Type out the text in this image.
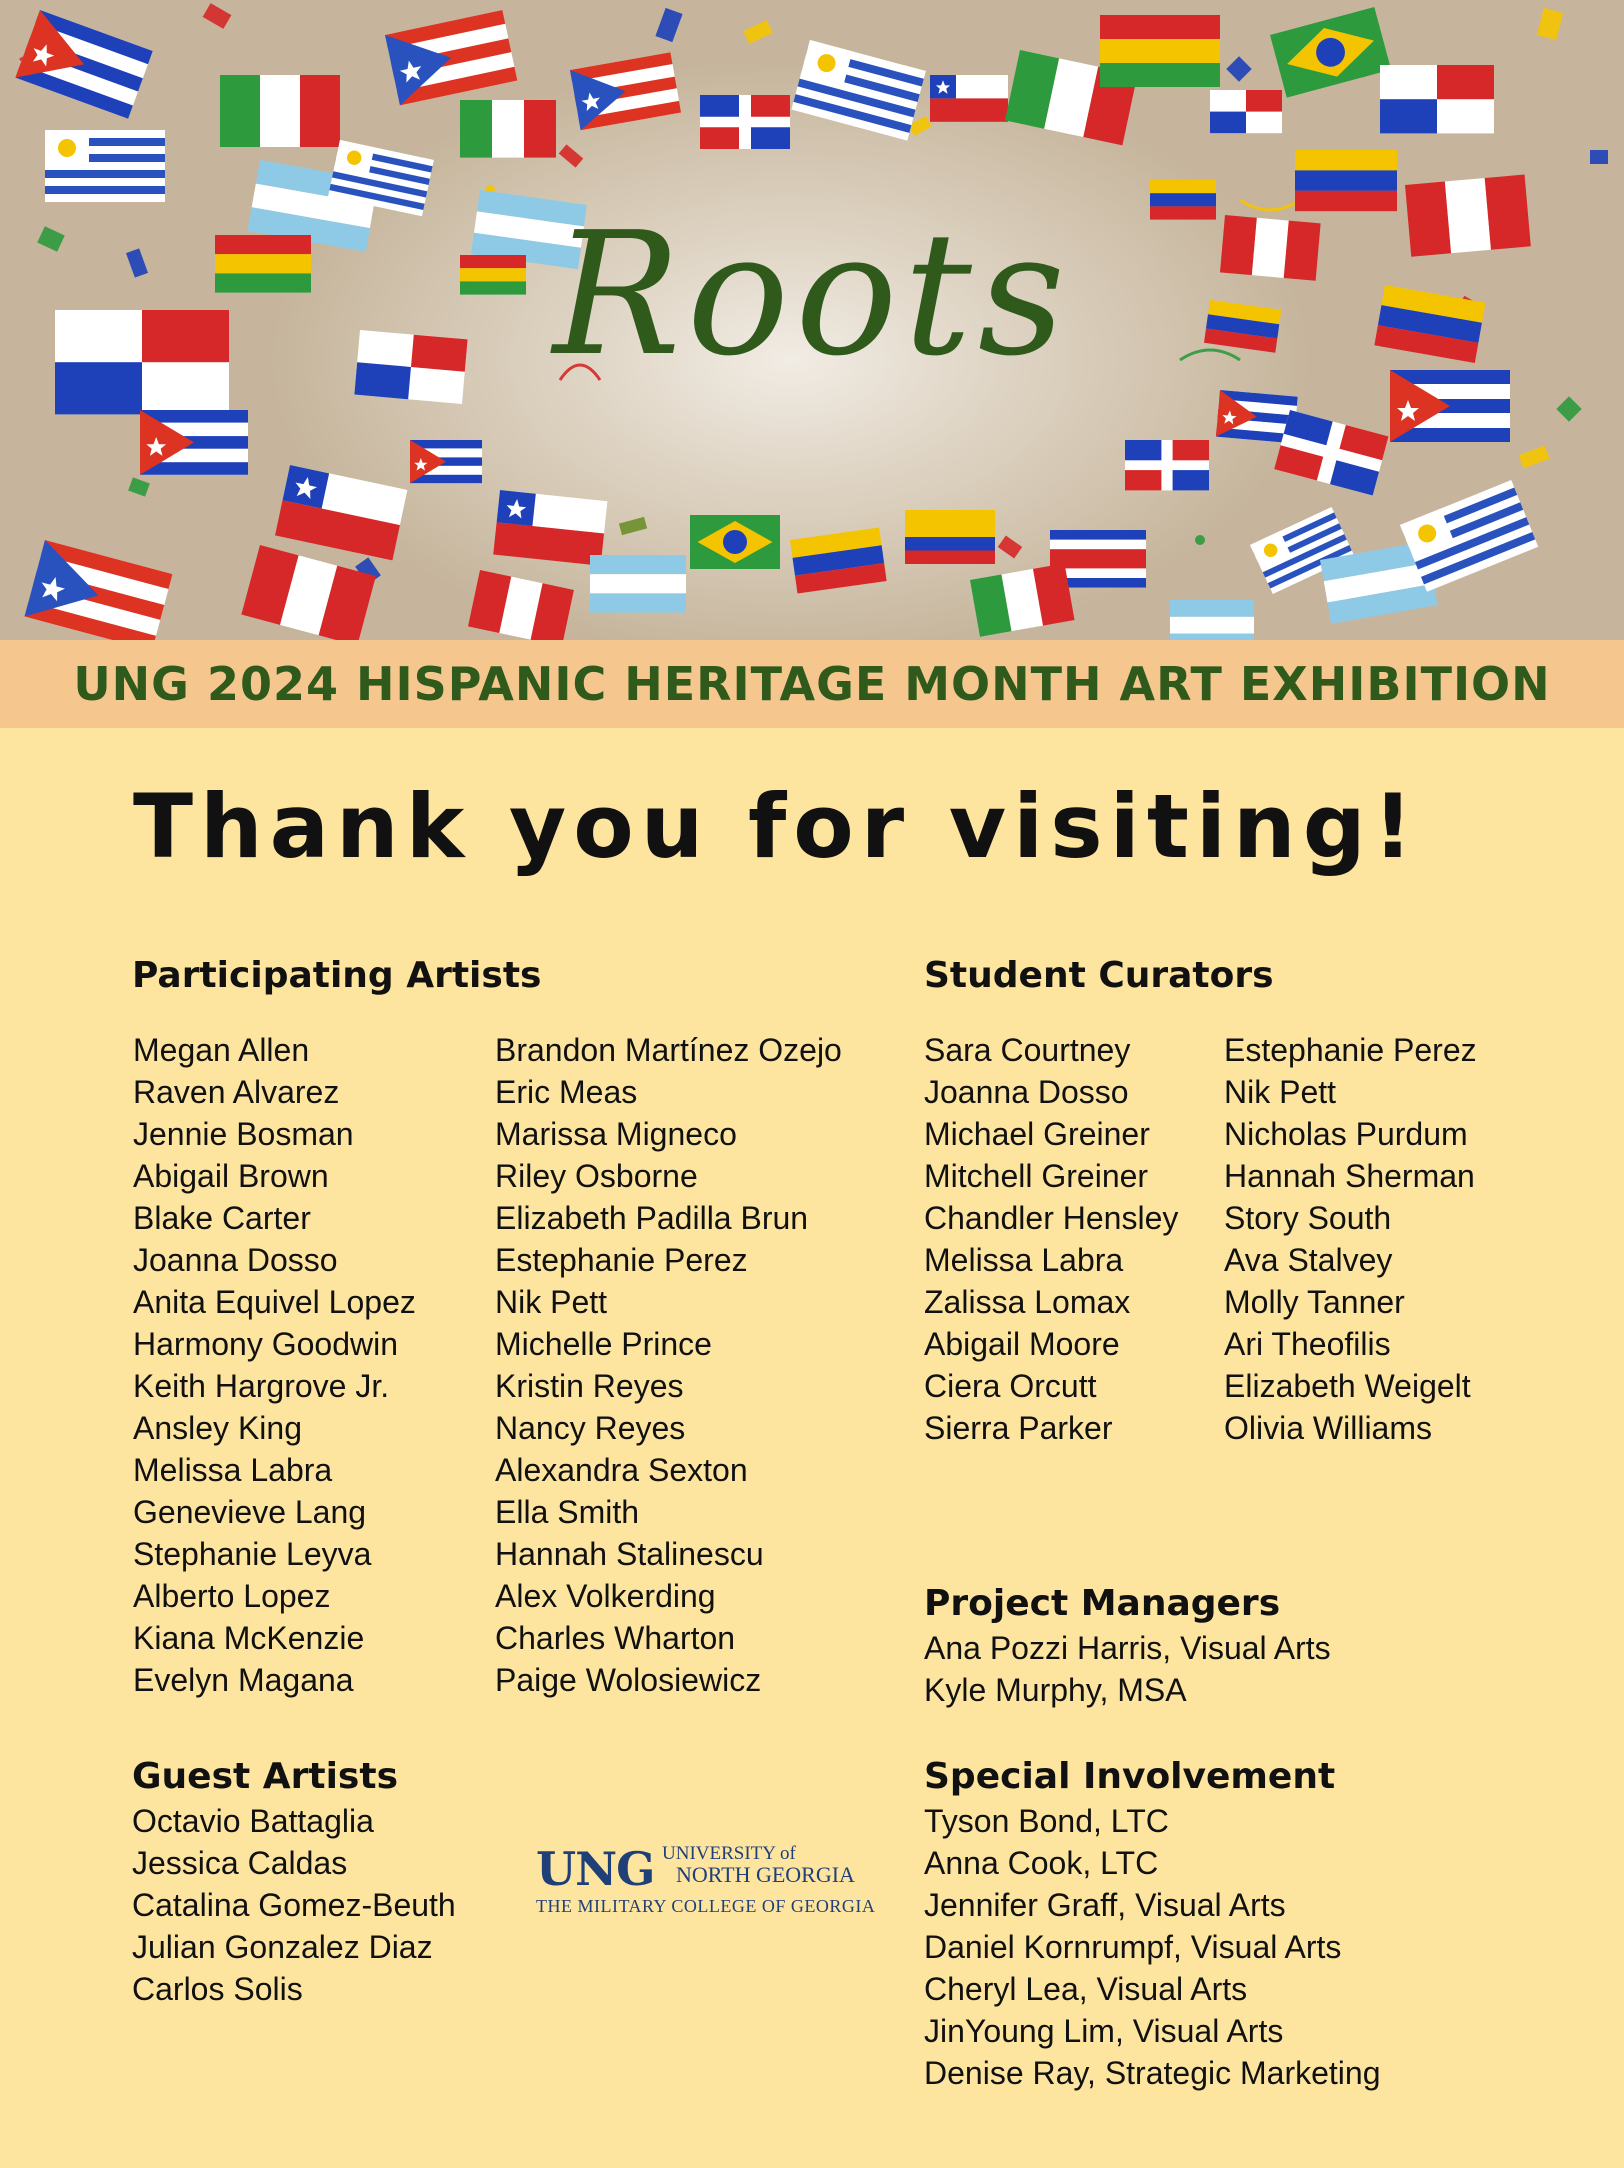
Roots
UNG 2024 HISPANIC HERITAGE MONTH ART EXHIBITION
Thank you for visiting!
Participating Artists
Megan Allen
Raven Alvarez
Jennie Bosman
Abigail Brown
Blake Carter
Joanna Dosso
Anita Equivel Lopez
Harmony Goodwin
Keith Hargrove Jr.
Ansley King
Melissa Labra
Genevieve Lang
Stephanie Leyva
Alberto Lopez
Kiana McKenzie
Evelyn Magana
Brandon Martínez Ozejo
Eric Meas
Marissa Migneco
Riley Osborne
Elizabeth Padilla Brun
Estephanie Perez
Nik Pett
Michelle Prince
Kristin Reyes
Nancy Reyes
Alexandra Sexton
Ella Smith
Hannah Stalinescu
Alex Volkerding
Charles Wharton
Paige Wolosiewicz
Student Curators
Sara Courtney
Joanna Dosso
Michael Greiner
Mitchell Greiner
Chandler Hensley
Melissa Labra
Zalissa Lomax
Abigail Moore
Ciera Orcutt
Sierra Parker
Estephanie Perez
Nik Pett
Nicholas Purdum
Hannah Sherman
Story South
Ava Stalvey
Molly Tanner
Ari Theofilis
Elizabeth Weigelt
Olivia Williams
Project Managers
Ana Pozzi Harris, Visual Arts
Kyle Murphy, MSA
Guest Artists
Octavio Battaglia
Jessica Caldas
Catalina Gomez-Beuth
Julian Gonzalez Diaz
Carlos Solis
Special Involvement
Tyson Bond, LTC
Anna Cook, LTC
Jennifer Graff, Visual Arts
Daniel Kornrumpf, Visual Arts
Cheryl Lea, Visual Arts
JinYoung Lim, Visual Arts
Denise Ray, Strategic Marketing
UNG UNIVERSITY of
NORTH GEORGIA
THE MILITARY COLLEGE OF GEORGIA
